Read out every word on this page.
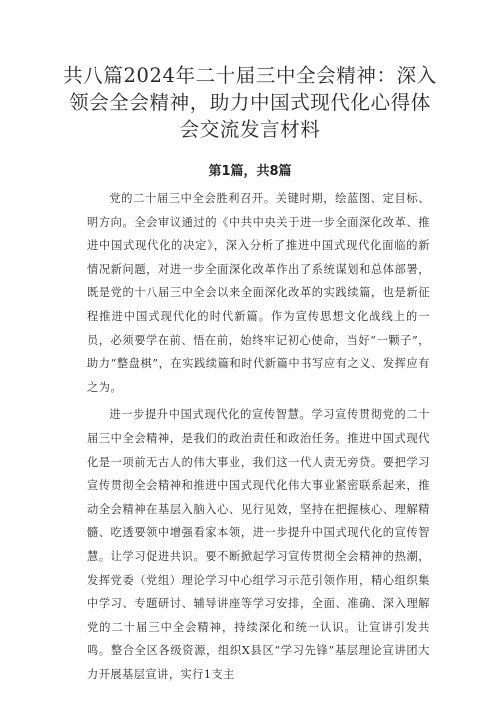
共八篇2024年二十届三中全会精神：深入领会全会精神，助力中国式现代化心得体会交流发言材料
第1篇，共8篇

党的二十届三中全会胜利召开。关键时期，绘蓝图、定目标、明方向。全会审议通过的《中共中央关于进一步全面深化改革、推进中国式现代化的决定》，深入分析了推进中国式现代化面临的新情况新问题，对进一步全面深化改革作出了系统谋划和总体部署，既是党的十八届三中全会以来全面深化改革的实践续篇，也是新征程推进中国式现代化的时代新篇。作为宣传思想文化战线上的一员，必须要学在前、悟在前，始终牢记初心使命，当好“一颗子”，助力“整盘棋”，在实践续篇和时代新篇中书写应有之义、发挥应有之为。

进一步提升中国式现代化的宣传智慧。学习宣传贯彻党的二十届三中全会精神，是我们的政治责任和政治任务。推进中国式现代化是一项前无古人的伟大事业，我们这一代人责无旁贷。要把学习宣传贯彻全会精神和推进中国式现代化伟大事业紧密联系起来，推动全会精神在基层入脑入心、见行见效，坚持在把握核心、理解精髓、吃透要领中增强看家本领，进一步提升中国式现代化的宣传智慧。让学习促进共识。要不断掀起学习宣传贯彻全会精神的热潮，发挥党委（党组）理论学习中心组学习示范引领作用，精心组织集中学习、专题研讨、辅导讲座等学习安排，全面、准确、深入理解党的二十届三中全会精神，持续深化和统一认识。让宣讲引发共鸣。整合全区各级资源，组织X县区“学习先锋”基层理论宣讲团大力开展基层宣讲，实行1支主
